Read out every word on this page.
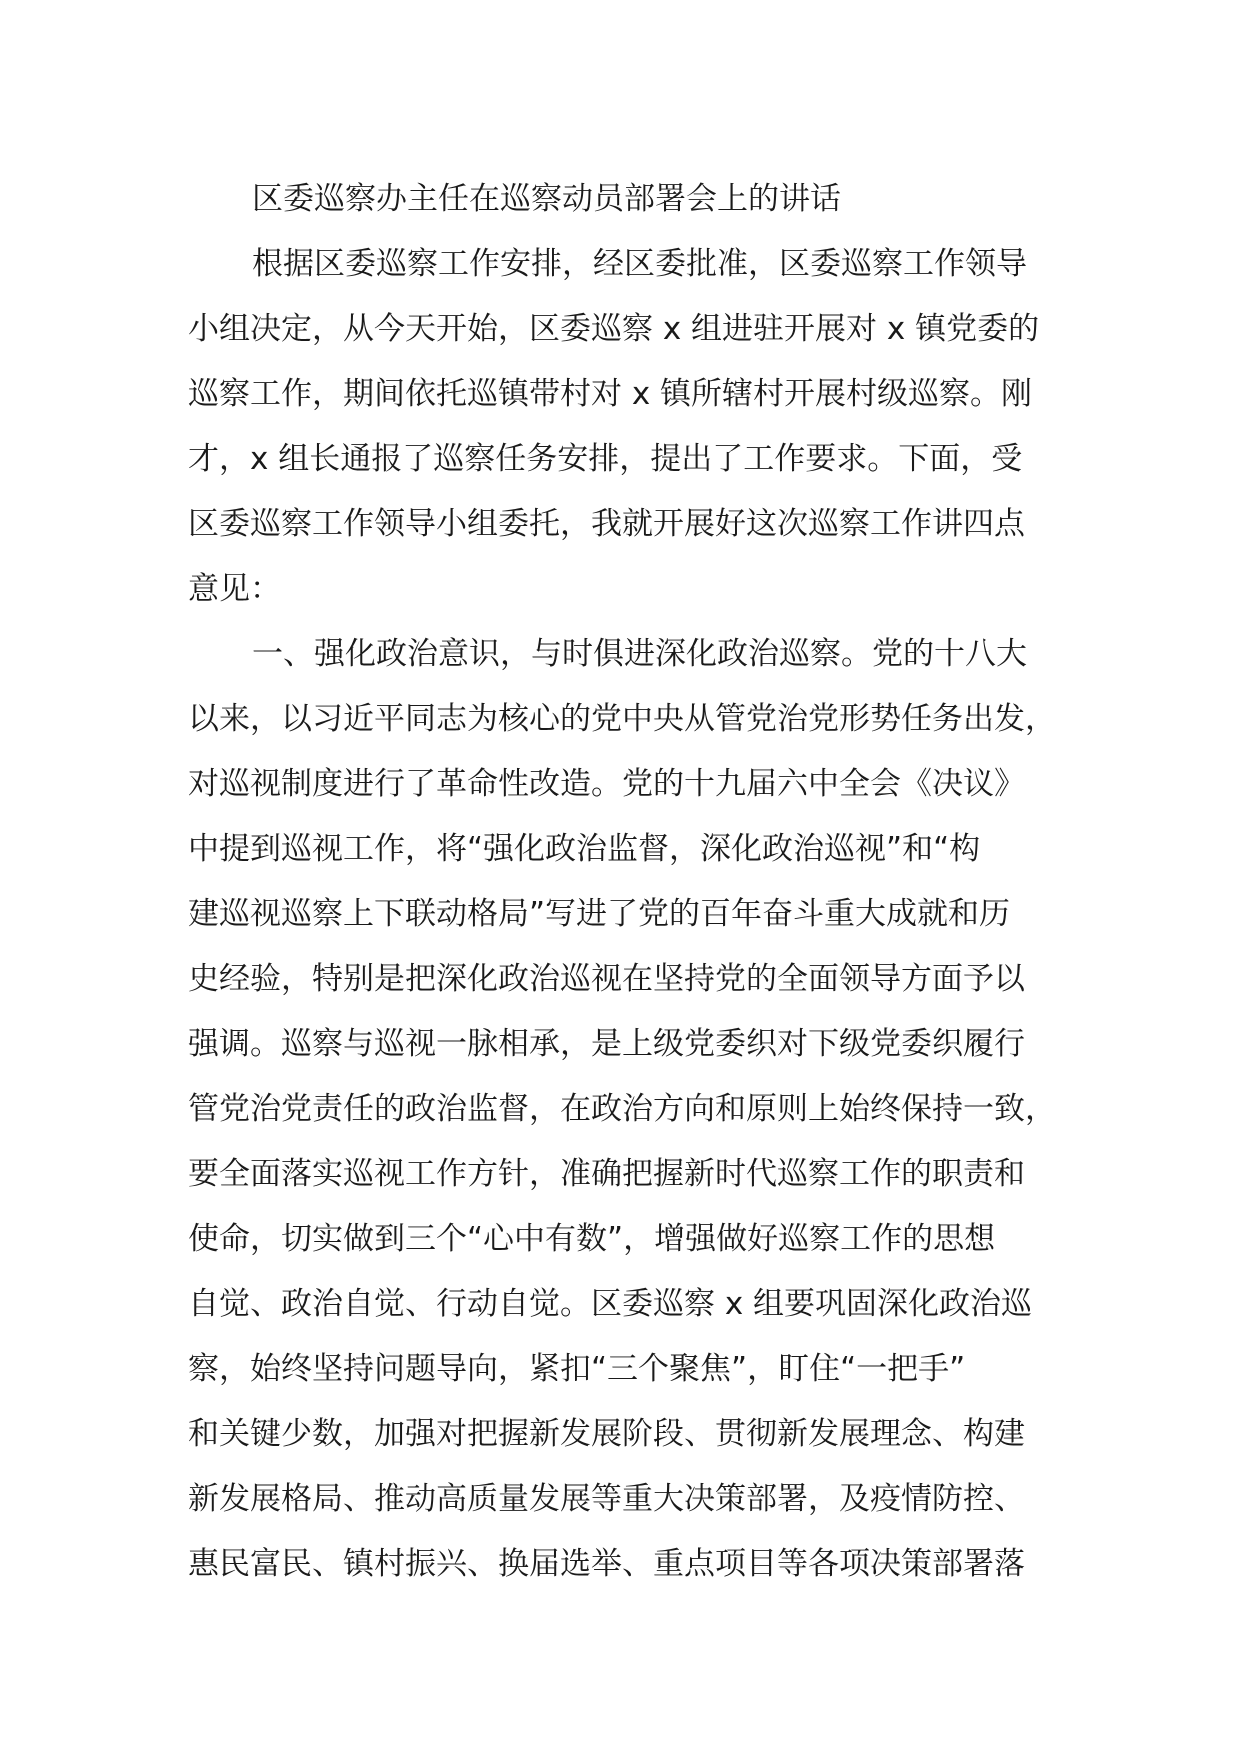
区委巡察办主任在巡察动员部署会上的讲话
根据区委巡察工作安排，经区委批准，区委巡察工作领导
小组决定，从今天开始，区委巡察 x 组进驻开展对 x 镇党委的
巡察工作，期间依托巡镇带村对 x 镇所辖村开展村级巡察。刚
才，x 组长通报了巡察任务安排，提出了工作要求。下面，受
区委巡察工作领导小组委托，我就开展好这次巡察工作讲四点
意见：
一、强化政治意识，与时俱进深化政治巡察。党的十八大
以来，以习近平同志为核心的党中央从管党治党形势任务出发，
对巡视制度进行了革命性改造。党的十九届六中全会《决议》
中提到巡视工作，将“强化政治监督，深化政治巡视”和“构
建巡视巡察上下联动格局”写进了党的百年奋斗重大成就和历
史经验，特别是把深化政治巡视在坚持党的全面领导方面予以
强调。巡察与巡视一脉相承，是上级党委织对下级党委织履行
管党治党责任的政治监督，在政治方向和原则上始终保持一致，
要全面落实巡视工作方针，准确把握新时代巡察工作的职责和
使命，切实做到三个“心中有数”，增强做好巡察工作的思想
自觉、政治自觉、行动自觉。区委巡察 x 组要巩固深化政治巡
察，始终坚持问题导向，紧扣“三个聚焦”，盯住“一把手”
和关键少数，加强对把握新发展阶段、贯彻新发展理念、构建
新发展格局、推动高质量发展等重大决策部署，及疫情防控、
惠民富民、镇村振兴、换届选举、重点项目等各项决策部署落
